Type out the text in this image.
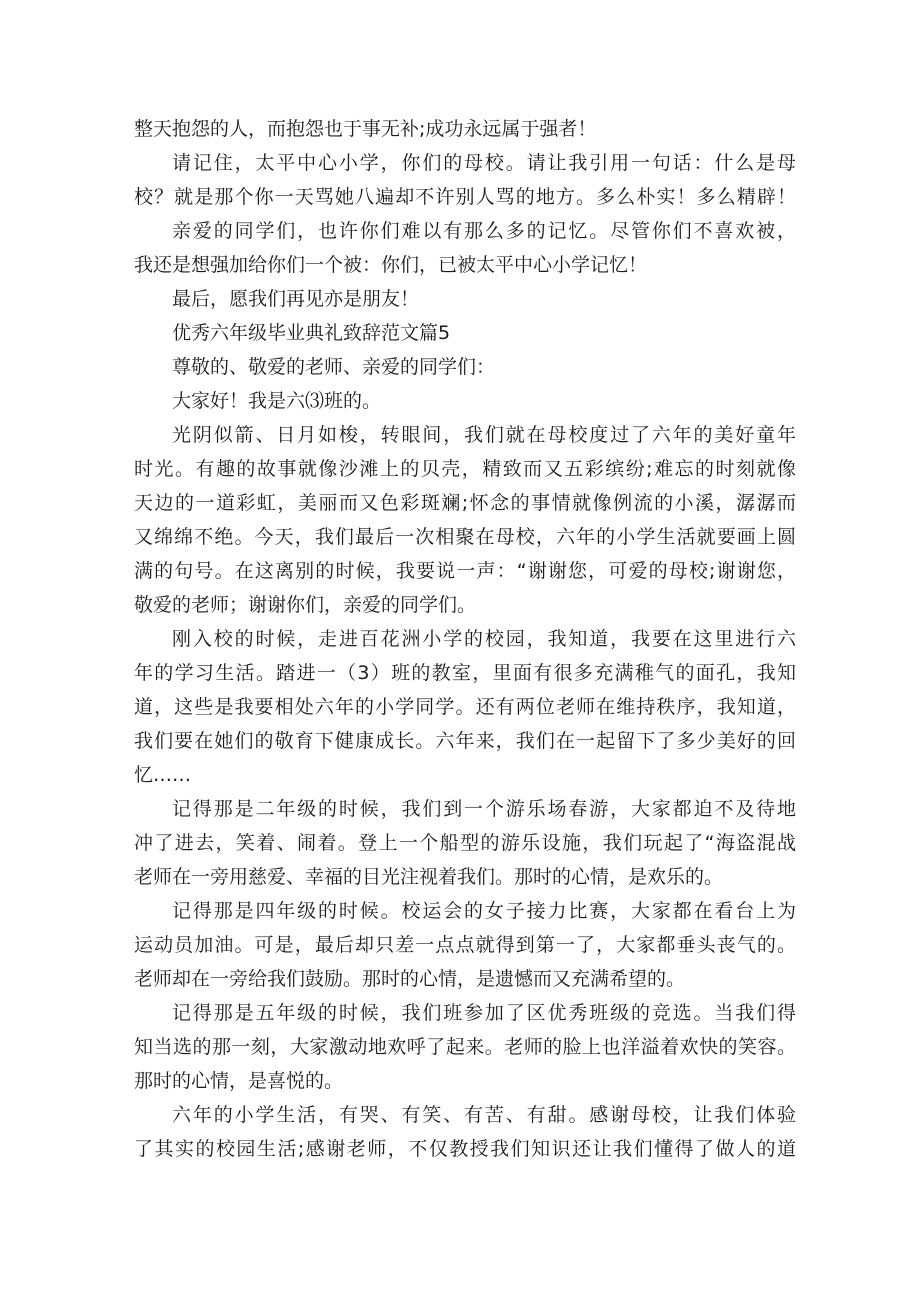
整天抱怨的人，而抱怨也于事无补;成功永远属于强者！
请记住，太平中心小学，你们的母校。请让我引用一句话：什么是母
校？就是那个你一天骂她八遍却不许别人骂的地方。多么朴实！多么精辟！
亲爱的同学们，也许你们难以有那么多的记忆。尽管你们不喜欢被，
我还是想强加给你们一个被：你们，已被太平中心小学记忆！
最后，愿我们再见亦是朋友！
优秀六年级毕业典礼致辞范文篇5
尊敬的、敬爱的老师、亲爱的同学们：
大家好！我是六⑶班的。
光阴似箭、日月如梭，转眼间，我们就在母校度过了六年的美好童年
时光。有趣的故事就像沙滩上的贝壳，精致而又五彩缤纷;难忘的时刻就像
天边的一道彩虹，美丽而又色彩斑斓;怀念的事情就像例流的小溪，潺潺而
又绵绵不绝。今天，我们最后一次相聚在母校，六年的小学生活就要画上圆
满的句号。在这离别的时候，我要说一声：“谢谢您，可爱的母校;谢谢您，
敬爱的老师；谢谢你们，亲爱的同学们。
刚入校的时候，走进百花洲小学的校园，我知道，我要在这里进行六
年的学习生活。踏进一（3）班的教室，里面有很多充满稚气的面孔，我知
道，这些是我要相处六年的小学同学。还有两位老师在维持秩序，我知道，
我们要在她们的敬育下健康成长。六年来，我们在一起留下了多少美好的回
忆……
记得那是二年级的时候，我们到一个游乐场春游，大家都迫不及待地
冲了进去，笑着、闹着。登上一个船型的游乐设施，我们玩起了“海盗混战
老师在一旁用慈爱、幸福的目光注视着我们。那时的心情，是欢乐的。
记得那是四年级的时候。校运会的女子接力比赛，大家都在看台上为
运动员加油。可是，最后却只差一点点就得到第一了，大家都垂头丧气的。
老师却在一旁给我们鼓励。那时的心情，是遗憾而又充满希望的。
记得那是五年级的时候，我们班参加了区优秀班级的竞选。当我们得
知当选的那一刻，大家激动地欢呼了起来。老师的脸上也洋溢着欢快的笑容。
那时的心情，是喜悦的。
六年的小学生活，有哭、有笑、有苦、有甜。感谢母校，让我们体验
了其实的校园生活;感谢老师，不仅教授我们知识还让我们懂得了做人的道
